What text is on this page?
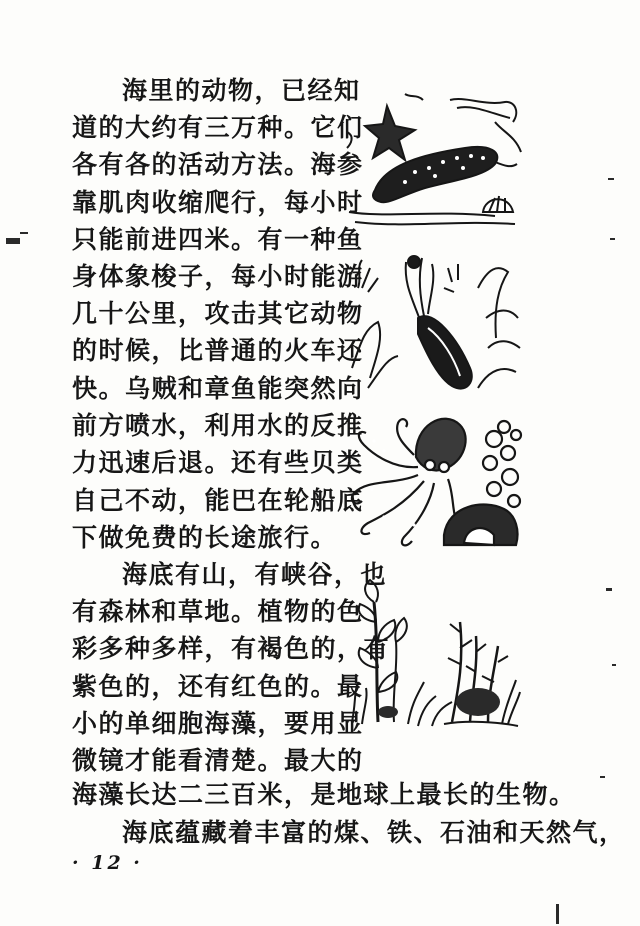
海里的动物，已经知
道的大约有三万种。它们
各有各的活动方法。海参
靠肌肉收缩爬行，每小时
只能前进四米。有一种鱼
身体象梭子，每小时能游
几十公里，攻击其它动物
的时候，比普通的火车还
快。乌贼和章鱼能突然向
前方喷水，利用水的反推
力迅速后退。还有些贝类
自己不动，能巴在轮船底
下做免费的长途旅行。
海底有山，有峡谷，也
有森林和草地。植物的色
彩多种多样，有褐色的，有
紫色的，还有红色的。最
小的单细胞海藻，要用显
微镜才能看清楚。最大的
海藻长达二三百米，是地球上最长的生物。
海底蕴藏着丰富的煤、铁、石油和天然气，
· 12 ·
